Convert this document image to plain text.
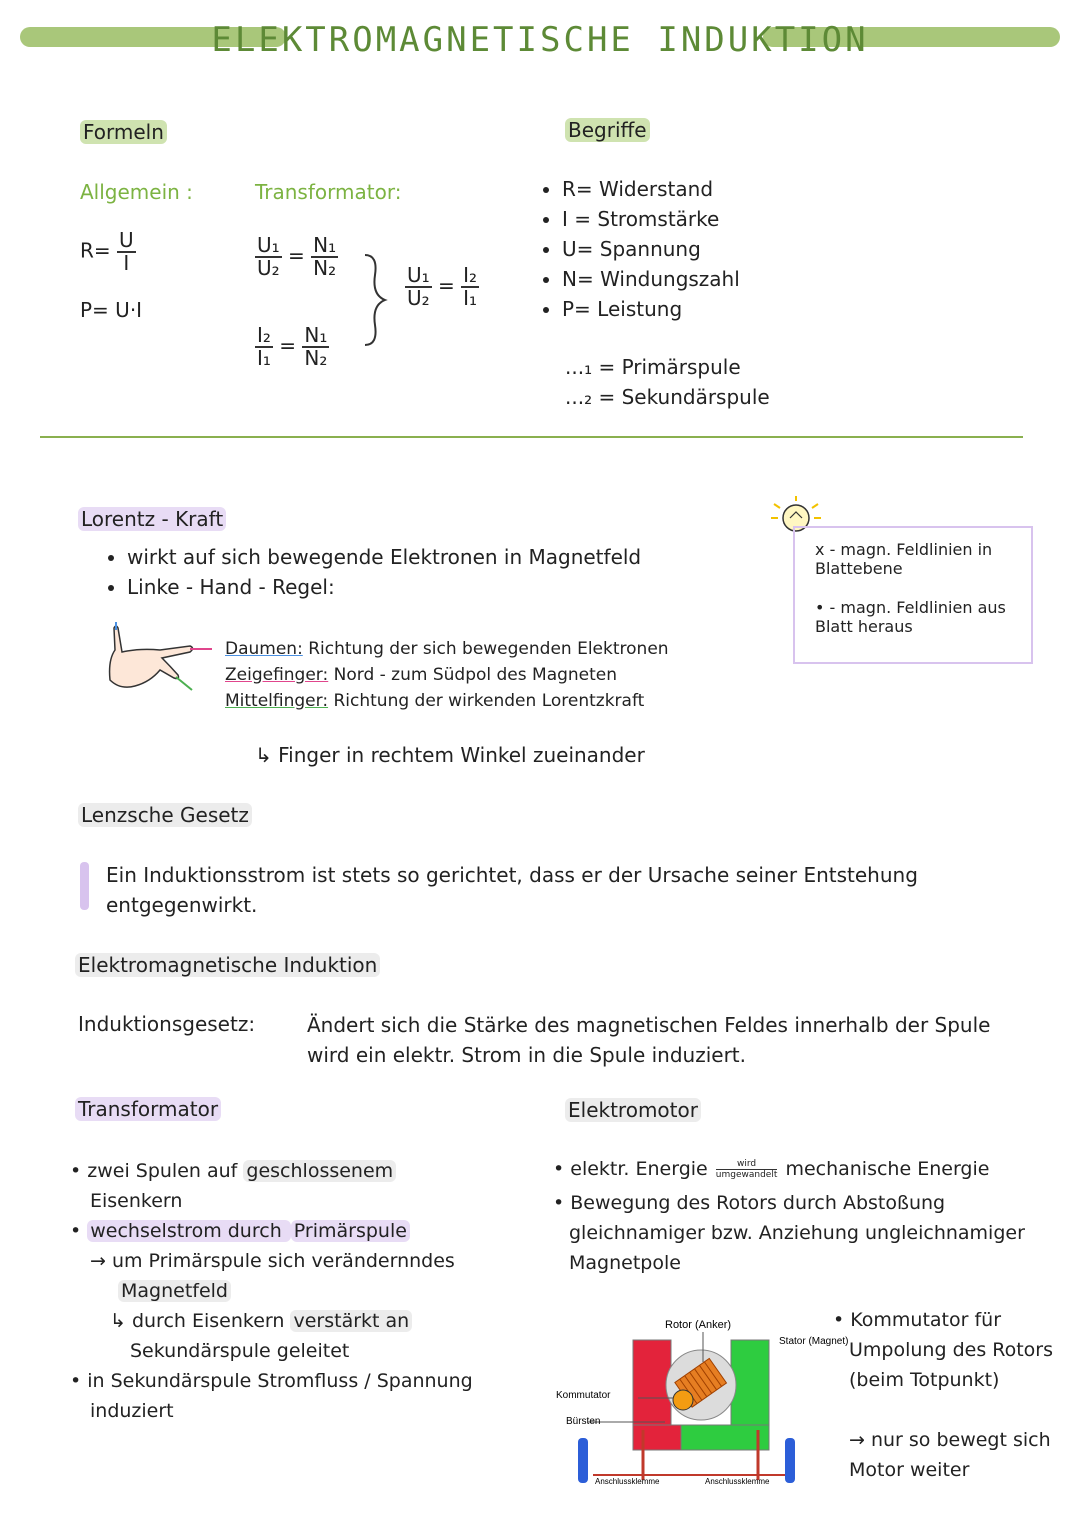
ELEKTROMAGNETISCHE INDUKTION
Formeln
Allgemein :	Transformator:
$R= \frac{U}{I}$
P= U·I
$\frac{\text{U₁}}{\text{U₂}} = \frac{\text{N₁}}{\text{N₂}}$
$\frac{\text{I₂}}{\text{I₁}} = \frac{\text{N₁}}{\text{N₂}}$
$\frac{\text{U₁}}{\text{U₂}} = \frac{\text{I₂}}{\text{I₁}}$
Begriffe
• R= Widerstand
• I = Stromstärke
• U= Spannung
• N= Windungszahl
• P= Leistung
...₁ = Primärspule
...₂ = Sekundärspule
Lorentz - Kraft
• wirkt auf sich bewegende Elektronen in Magnetfeld
• Linke - Hand - Regel:
Daumen: Richtung der sich bewegenden Elektronen
Zeigefinger: Nord - zum Südpol des Magneten
Mittelfinger: Richtung der wirkenden Lorentzkraft
↳ Finger in rechtem Winkel zueinander
x - magn. Feldlinien in Blattebene
• - magn. Feldlinien aus Blatt heraus
Lenzsche Gesetz
Ein Induktionsstrom ist stets so gerichtet, dass er der Ursache seiner Entstehung entgegenwirkt.
Elektromagnetische Induktion
Induktionsgesetz:	Ändert sich die Stärke des magnetischen Feldes innerhalb der Spule wird ein elektr. Strom in die Spule induziert.
Transformator
• zwei Spulen auf geschlossenem
Eisenkern
• wechselstrom durch Primärspule
→ um Primärspule sich verändernndes
Magnetfeld
↳ durch Eisenkern verstärkt an
Sekundärspule geleitet
• in Sekundärspule Stromfluss / Spannung induziert
Elektromotor
• elektr. Energie	wird
umgewandelt mechanische Energie
• Bewegung des Rotors durch Abstoßung gleichnamiger bzw. Anziehung ungleichnamiger Magnetpole
• Kommutator für Umpolung des Rotors (beim Totpunkt)
→ nur so bewegt sich Motor weiter
Rotor (Anker)
Stator (Magnet)
Kommutator
Bürsten
Anschlussklemme	Anschlussklemme
